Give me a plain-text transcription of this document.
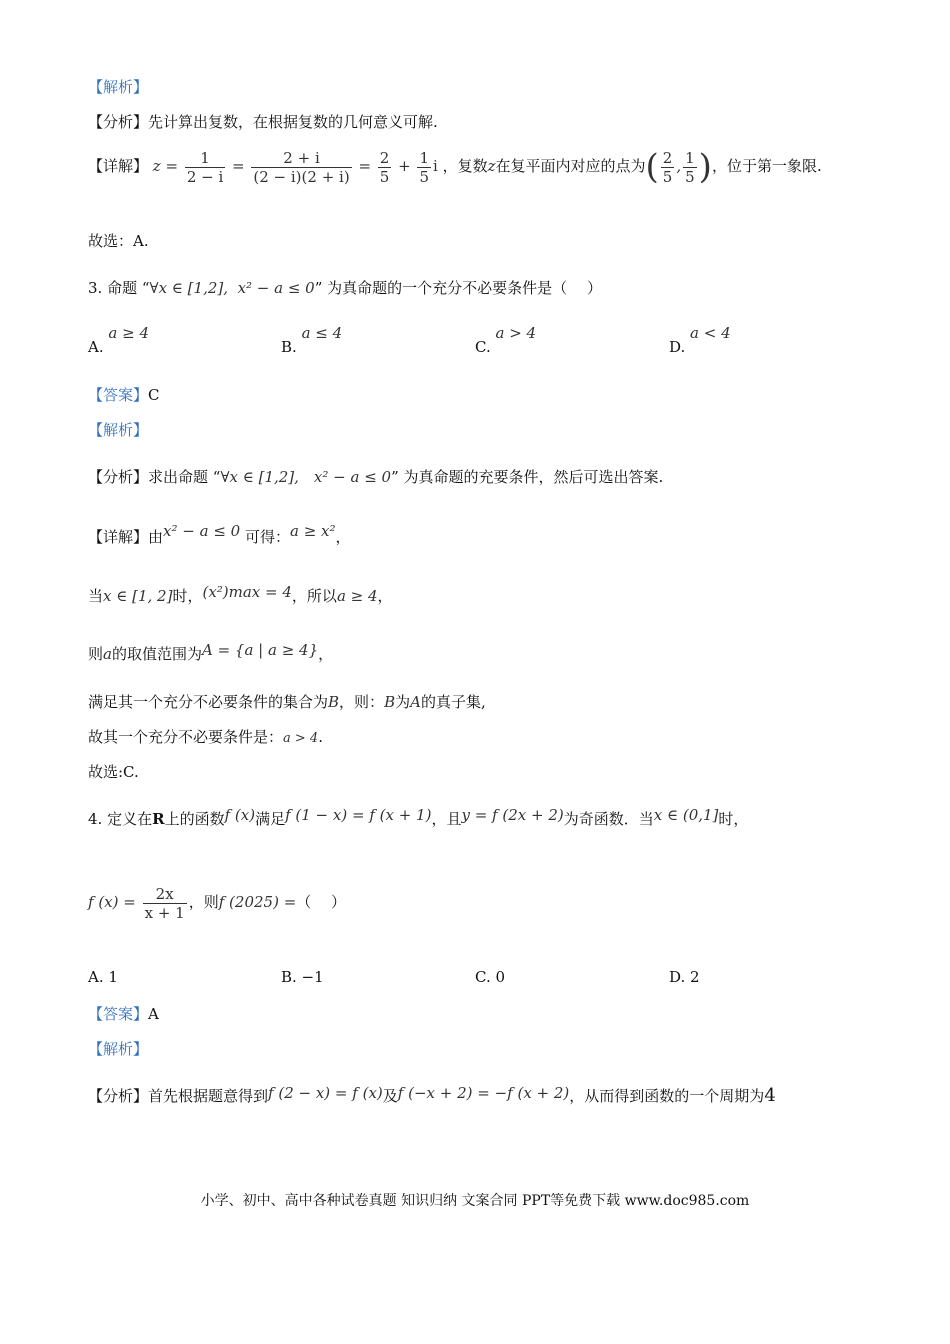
【解析】
【分析】先计算出复数，在根据复数的几何意义可解.
【详解】 $z = \frac{1}{2 - i} = \frac{2 + i}{(2 - i)(2 + i)} = \frac{2}{5} + \frac{1}{5}$ i ，复数z在复平面内对应的点为( $\frac{2}{5}$ , $\frac{1}{5}$ )，位于第一象限.
故选：A.
3. 命题 “∀x ∈ [1,2], x² − a ≤ 0” 为真命题的一个充分不必要条件是（　 ）
A. a ≥ 4
B. a ≤ 4
C. a > 4
D. a < 4
【答案】C
【解析】
【分析】求出命题 “∀x ∈ [1,2],　x² − a ≤ 0” 为真命题的充要条件，然后可选出答案.
【详解】由x² − a ≤ 0 可得：a ≥ x²，
当x ∈ [1, 2]时，(x²)max = 4，所以a ≥ 4，
则a的取值范围为A = {a | a ≥ 4}，
满足其一个充分不必要条件的集合为B，则：B为A的真子集,
故其一个充分不必要条件是：a > 4.
故选:C.
4. 定义在R上的函数f (x)满足f (1 − x) = f (x + 1)，且y = f (2x + 2)为奇函数．当x ∈ (0,1]时，
f $(x) = \frac{2x}{x + 1}$ ，则f (2025) =（　 ）
A. 1	B. −1	C. 0	D. 2
【答案】A
【解析】
【分析】首先根据题意得到f (2 − x) = f (x)及f (−x + 2) = −f (x + 2)，从而得到函数的一个周期为4
小学、初中、高中各种试卷真题 知识归纳 文案合同 PPT等免费下载 www.doc985.com
